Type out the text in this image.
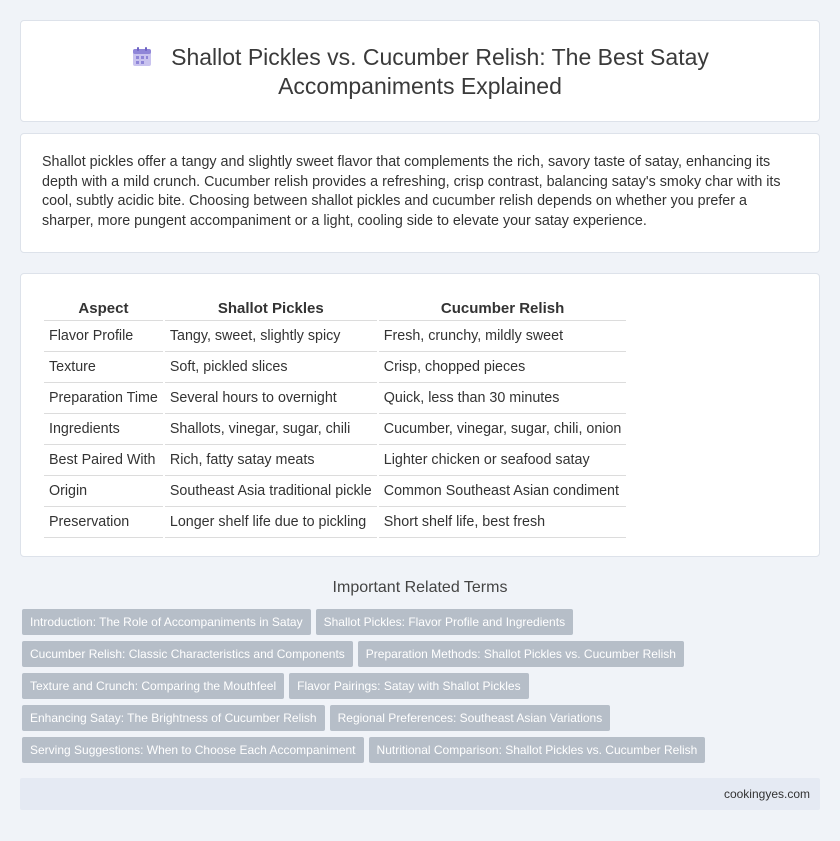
Shallot Pickles vs. Cucumber Relish: The Best Satay Accompaniments Explained

Shallot pickles offer a tangy and slightly sweet flavor that complements the rich, savory taste of satay, enhancing its depth with a mild crunch. Cucumber relish provides a refreshing, crisp contrast, balancing satay's smoky char with its cool, subtly acidic bite. Choosing between shallot pickles and cucumber relish depends on whether you prefer a sharper, more pungent accompaniment or a light, cooling side to elevate your satay experience.

Aspect	Shallot Pickles	Cucumber Relish
Flavor Profile	Tangy, sweet, slightly spicy	Fresh, crunchy, mildly sweet
Texture	Soft, pickled slices	Crisp, chopped pieces
Preparation Time	Several hours to overnight	Quick, less than 30 minutes
Ingredients	Shallots, vinegar, sugar, chili	Cucumber, vinegar, sugar, chili, onion
Best Paired With	Rich, fatty satay meats	Lighter chicken or seafood satay
Origin	Southeast Asia traditional pickle	Common Southeast Asian condiment
Preservation	Longer shelf life due to pickling	Short shelf life, best fresh
Important Related Terms
Introduction: The Role of Accompaniments in Satay Shallot Pickles: Flavor Profile and Ingredients
Cucumber Relish: Classic Characteristics and Components Preparation Methods: Shallot Pickles vs. Cucumber Relish
Texture and Crunch: Comparing the Mouthfeel Flavor Pairings: Satay with Shallot Pickles
Enhancing Satay: The Brightness of Cucumber Relish Regional Preferences: Southeast Asian Variations
Serving Suggestions: When to Choose Each Accompaniment Nutritional Comparison: Shallot Pickles vs. Cucumber Relish
cookingyes.com
